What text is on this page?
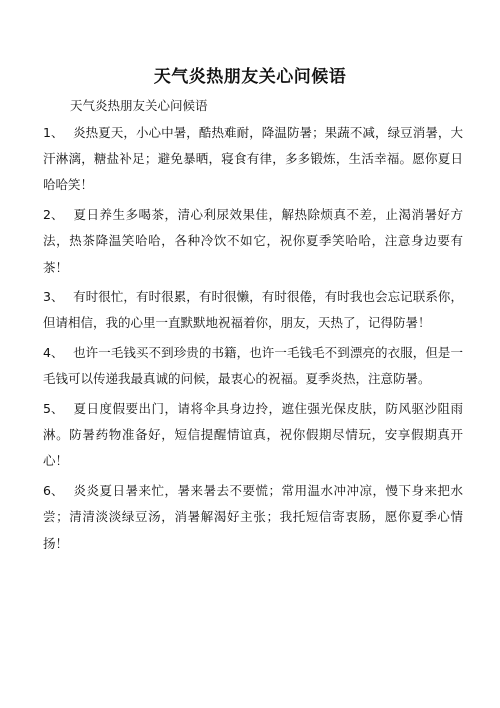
天气炎热朋友关心问候语
天气炎热朋友关心问候语

1、 炎热夏天，小心中暑，酷热难耐，降温防暑；果蔬不减，绿豆消暑，大汗淋漓，糖盐补足；避免暴晒，寝食有律，多多锻炼，生活幸福。愿你夏日哈哈笑！

2、 夏日养生多喝茶，清心利尿效果佳，解热除烦真不差，止渴消暑好方法，热茶降温笑哈哈，各种冷饮不如它，祝你夏季笑哈哈，注意身边要有茶！

3、 有时很忙，有时很累，有时很懒，有时很倦，有时我也会忘记联系你，但请相信，我的心里一直默默地祝福着你，朋友，天热了，记得防暑！

4、 也许一毛钱买不到珍贵的书籍，也许一毛钱毛不到漂亮的衣服，但是一毛钱可以传递我最真诚的问候，最衷心的祝福。夏季炎热，注意防暑。

5、 夏日度假要出门，请将伞具身边拎，遮住强光保皮肤，防风驱沙阻雨淋。防暑药物准备好，短信提醒情谊真，祝你假期尽情玩，安享假期真开心！

6、 炎炎夏日暑来忙，暑来暑去不要慌；常用温水冲冲凉，慢下身来把水尝；清清淡淡绿豆汤，消暑解渴好主张；我托短信寄衷肠，愿你夏季心情扬！
